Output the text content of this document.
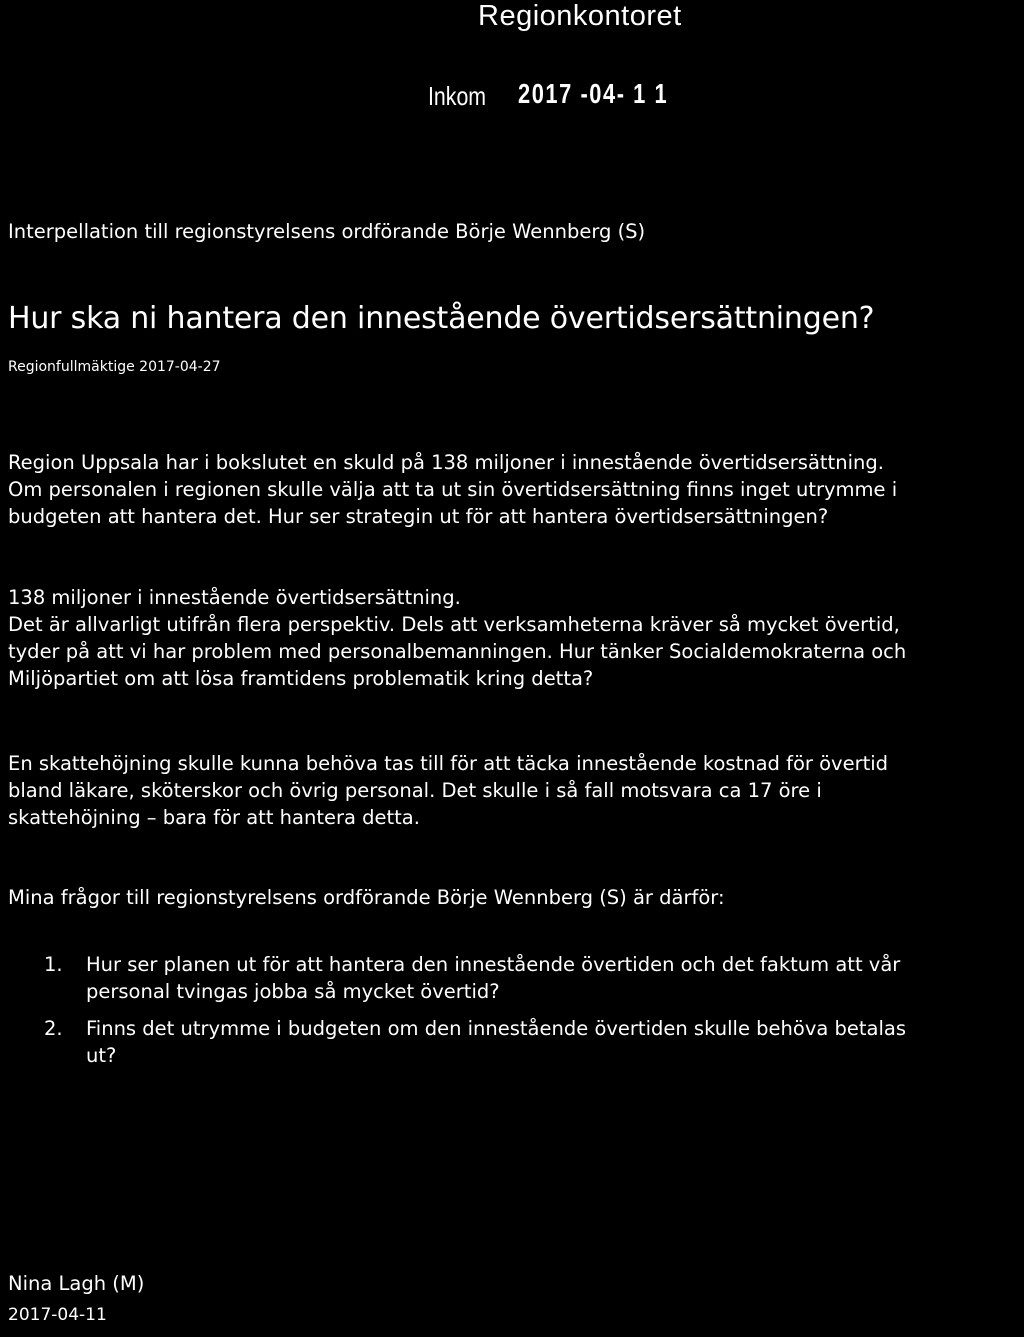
Regionkontoret
Inkom 2017 -04- 1 1
Interpellation till regionstyrelsens ordförande Börje Wennberg (S)
Hur ska ni hantera den innestående övertidsersättningen?
Regionfullmäktige 2017-04-27
Region Uppsala har i bokslutet en skuld på 138 miljoner i innestående övertidsersättning.
Om personalen i regionen skulle välja att ta ut sin övertidsersättning finns inget utrymme i
budgeten att hantera det. Hur ser strategin ut för att hantera övertidsersättningen?
138 miljoner i innestående övertidsersättning.
Det är allvarligt utifrån flera perspektiv. Dels att verksamheterna kräver så mycket övertid,
tyder på att vi har problem med personalbemanningen. Hur tänker Socialdemokraterna och
Miljöpartiet om att lösa framtidens problematik kring detta?
En skattehöjning skulle kunna behöva tas till för att täcka innestående kostnad för övertid
bland läkare, sköterskor och övrig personal. Det skulle i så fall motsvara ca 17 öre i
skattehöjning – bara för att hantera detta.
Mina frågor till regionstyrelsens ordförande Börje Wennberg (S) är därför:
1.	Hur ser planen ut för att hantera den innestående övertiden och det faktum att vår
personal tvingas jobba så mycket övertid?
2.	Finns det utrymme i budgeten om den innestående övertiden skulle behöva betalas
ut?
Nina Lagh (M)
2017-04-11
